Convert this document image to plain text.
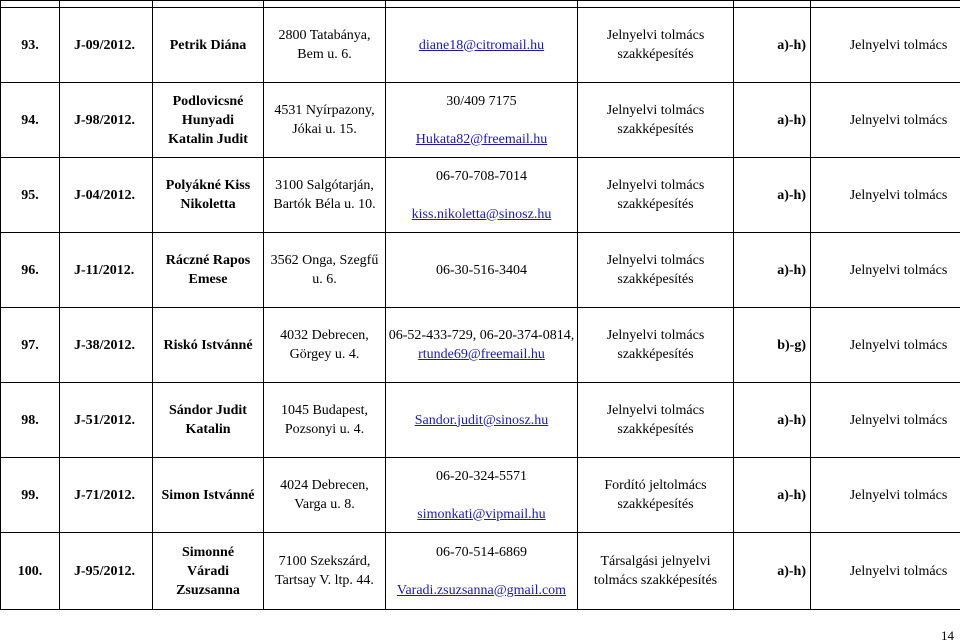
93.	J-09/2012.	Petrik Diána	2800 Tatabánya,
Bem u. 6.	diane18@citromail.hu	Jelnyelvi tolmács
szakképesítés	a)-h)	Jelnyelvi tolmács
94.	J-98/2012.	Podlovicsné
Hunyadi
Katalin Judit	4531 Nyírpazony,
Jókai u. 15.	30/409 7175
Hukata82@freemail.hu	Jelnyelvi tolmács
szakképesítés	a)-h)	Jelnyelvi tolmács
95.	J-04/2012.	Polyákné Kiss
Nikoletta	3100 Salgótarján,
Bartók Béla u. 10.	06-70-708-7014
kiss.nikoletta@sinosz.hu	Jelnyelvi tolmács
szakképesítés	a)-h)	Jelnyelvi tolmács
96.	J-11/2012.	Ráczné Rapos
Emese	3562 Onga, Szegfű
u. 6.	06-30-516-3404	Jelnyelvi tolmács
szakképesítés	a)-h)	Jelnyelvi tolmács
97.	J-38/2012.	Riskó Istvánné	4032 Debrecen,
Görgey u. 4.	06-52-433-729, 06-20-374-0814,
rtunde69@freemail.hu	Jelnyelvi tolmács
szakképesítés	b)-g)	Jelnyelvi tolmács
98.	J-51/2012.	Sándor Judit
Katalin	1045 Budapest,
Pozsonyi u. 4.	Sandor.judit@sinosz.hu	Jelnyelvi tolmács
szakképesítés	a)-h)	Jelnyelvi tolmács
99.	J-71/2012.	Simon Istvánné	4024 Debrecen,
Varga u. 8.	06-20-324-5571
simonkati@vipmail.hu	Fordító jeltolmács
szakképesítés	a)-h)	Jelnyelvi tolmács
100.	J-95/2012.	Simonné
Váradi
Zsuzsanna	7100 Szekszárd,
Tartsay V. ltp. 44.	06-70-514-6869
Varadi.zsuzsanna@gmail.com	Társalgási jelnyelvi
tolmács szakképesítés	a)-h)	Jelnyelvi tolmács
14
